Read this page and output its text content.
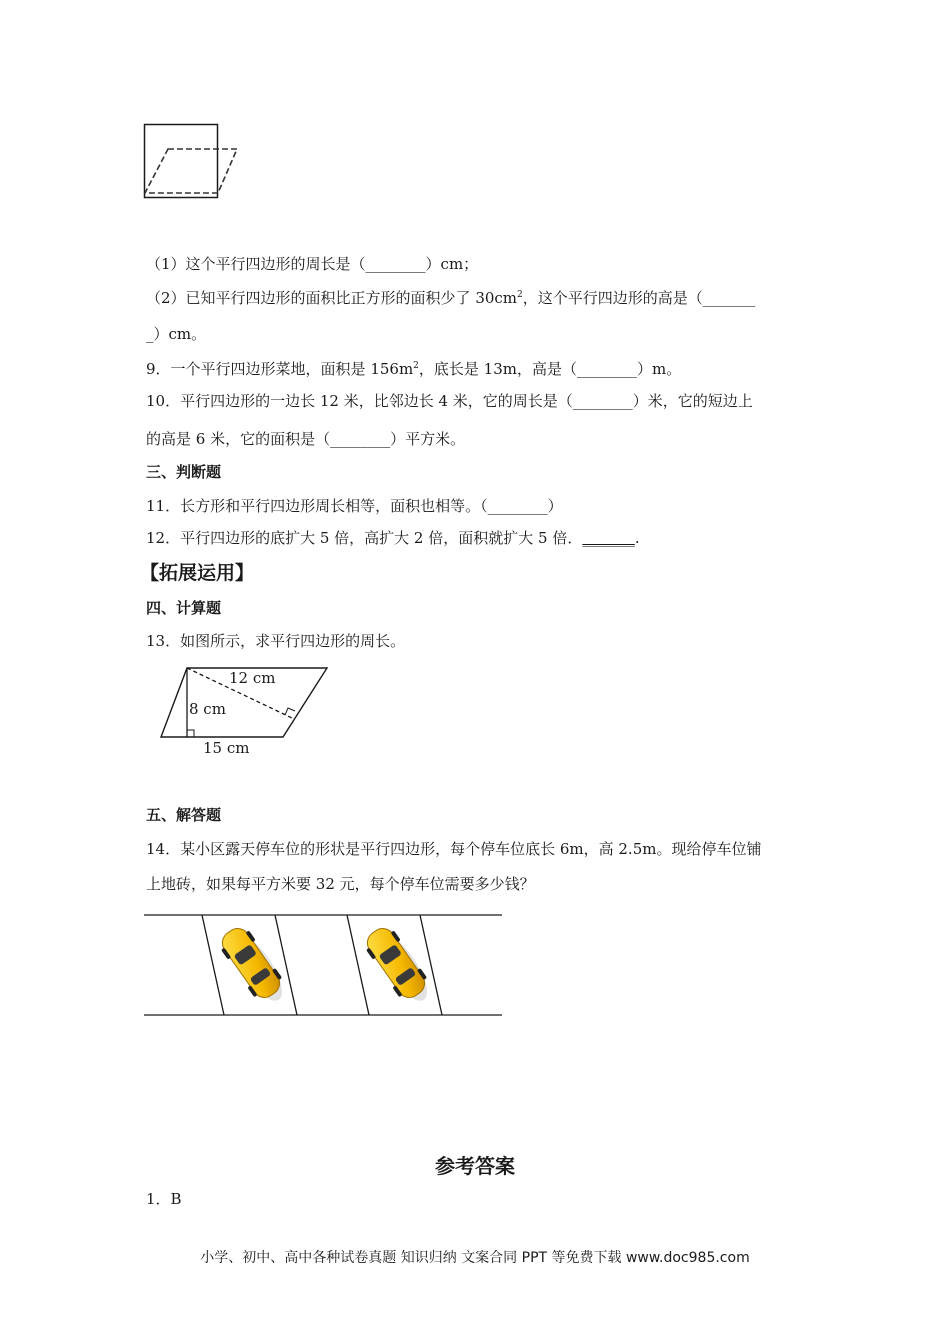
（1）这个平行四边形的周长是（________）cm；
（2）已知平行四边形的面积比正方形的面积少了 $30cm^2$，这个平行四边形的高是（_______
_）cm。
9．一个平行四边形菜地，面积是 $156m^2$，底长是 13m，高是（________）m。
10．平行四边形的一边长 12 米，比邻边长 4 米，它的周长是（________）米，它的短边上
的高是 6 米，它的面积是（________）平方米。
三、判断题
11．长方形和平行四边形周长相等，面积也相等。（________）
12．平行四边形的底扩大 5 倍，高扩大 2 倍，面积就扩大 5 倍．_______.
【拓展运用】
四、计算题
13．如图所示，求平行四边形的周长。
12 cm
8 cm
15 cm
五、解答题
14．某小区露天停车位的形状是平行四边形，每个停车位底长 6m，高 2.5m。现给停车位铺
上地砖，如果每平方米要 32 元，每个停车位需要多少钱？
参考答案
1．B
小学、初中、高中各种试卷真题 知识归纳 文案合同 PPT 等免费下载 www.doc985.com
